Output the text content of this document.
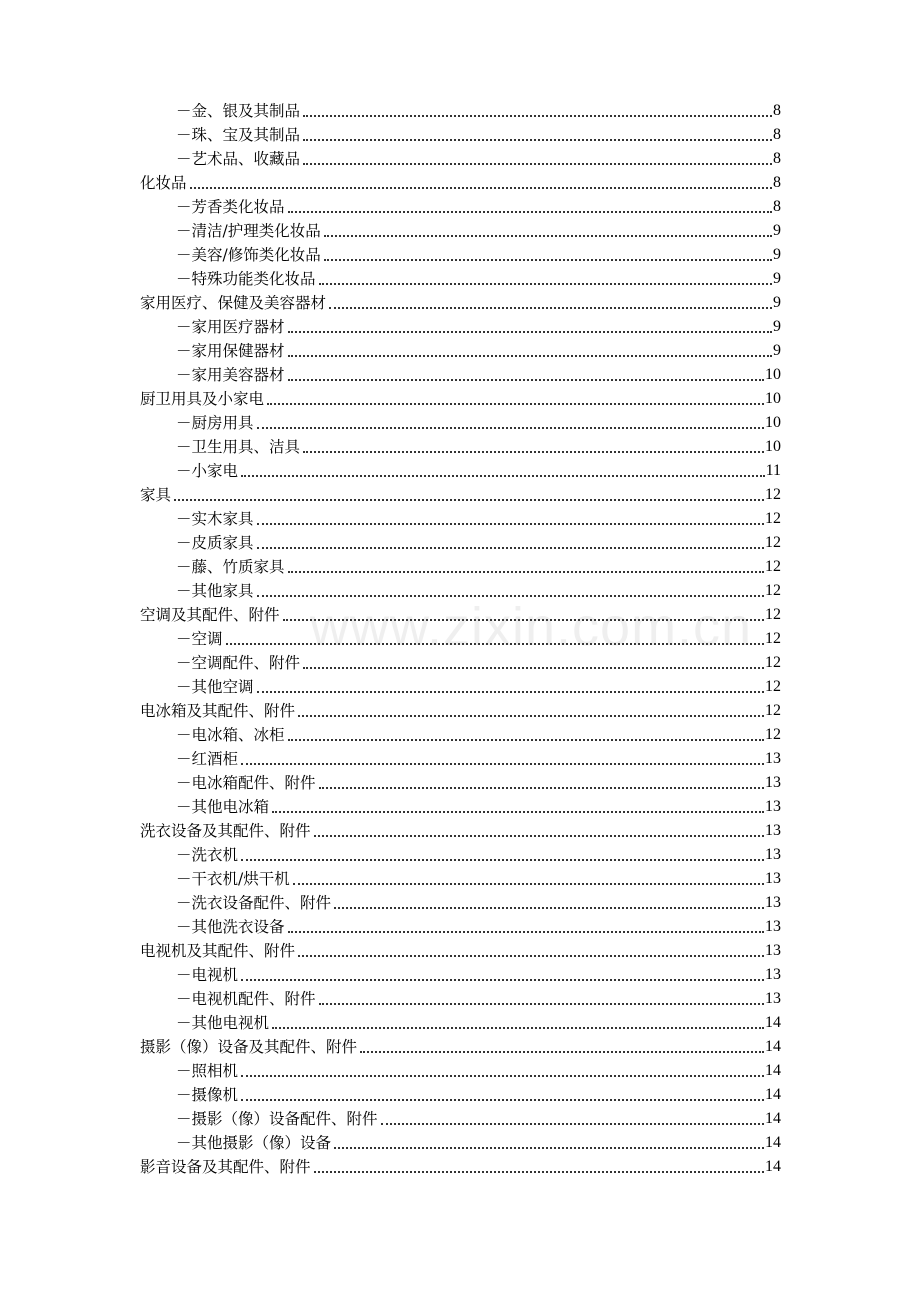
－金、银及其制品	8
－珠、宝及其制品	8
－艺术品、收藏品	8
化妆品	8
－芳香类化妆品	8
－清洁/护理类化妆品	9
－美容/修饰类化妆品	9
－特殊功能类化妆品	9
家用医疗、保健及美容器材	9
－家用医疗器材	9
－家用保健器材	9
－家用美容器材	10
厨卫用具及小家电	10
－厨房用具	10
－卫生用具、洁具	10
－小家电	11
家具	12
－实木家具	12
－皮质家具	12
－藤、竹质家具	12
－其他家具	12
空调及其配件、附件	12
－空调	12
－空调配件、附件	12
－其他空调	12
电冰箱及其配件、附件	12
－电冰箱、冰柜	12
－红酒柜	13
－电冰箱配件、附件	13
－其他电冰箱	13
洗衣设备及其配件、附件	13
－洗衣机	13
－干衣机/烘干机	13
－洗衣设备配件、附件	13
－其他洗衣设备	13
电视机及其配件、附件	13
－电视机	13
－电视机配件、附件	13
－其他电视机	14
摄影（像）设备及其配件、附件	14
－照相机	14
－摄像机	14
－摄影（像）设备配件、附件	14
－其他摄影（像）设备	14
影音设备及其配件、附件	14
www.zixin.com.cn
